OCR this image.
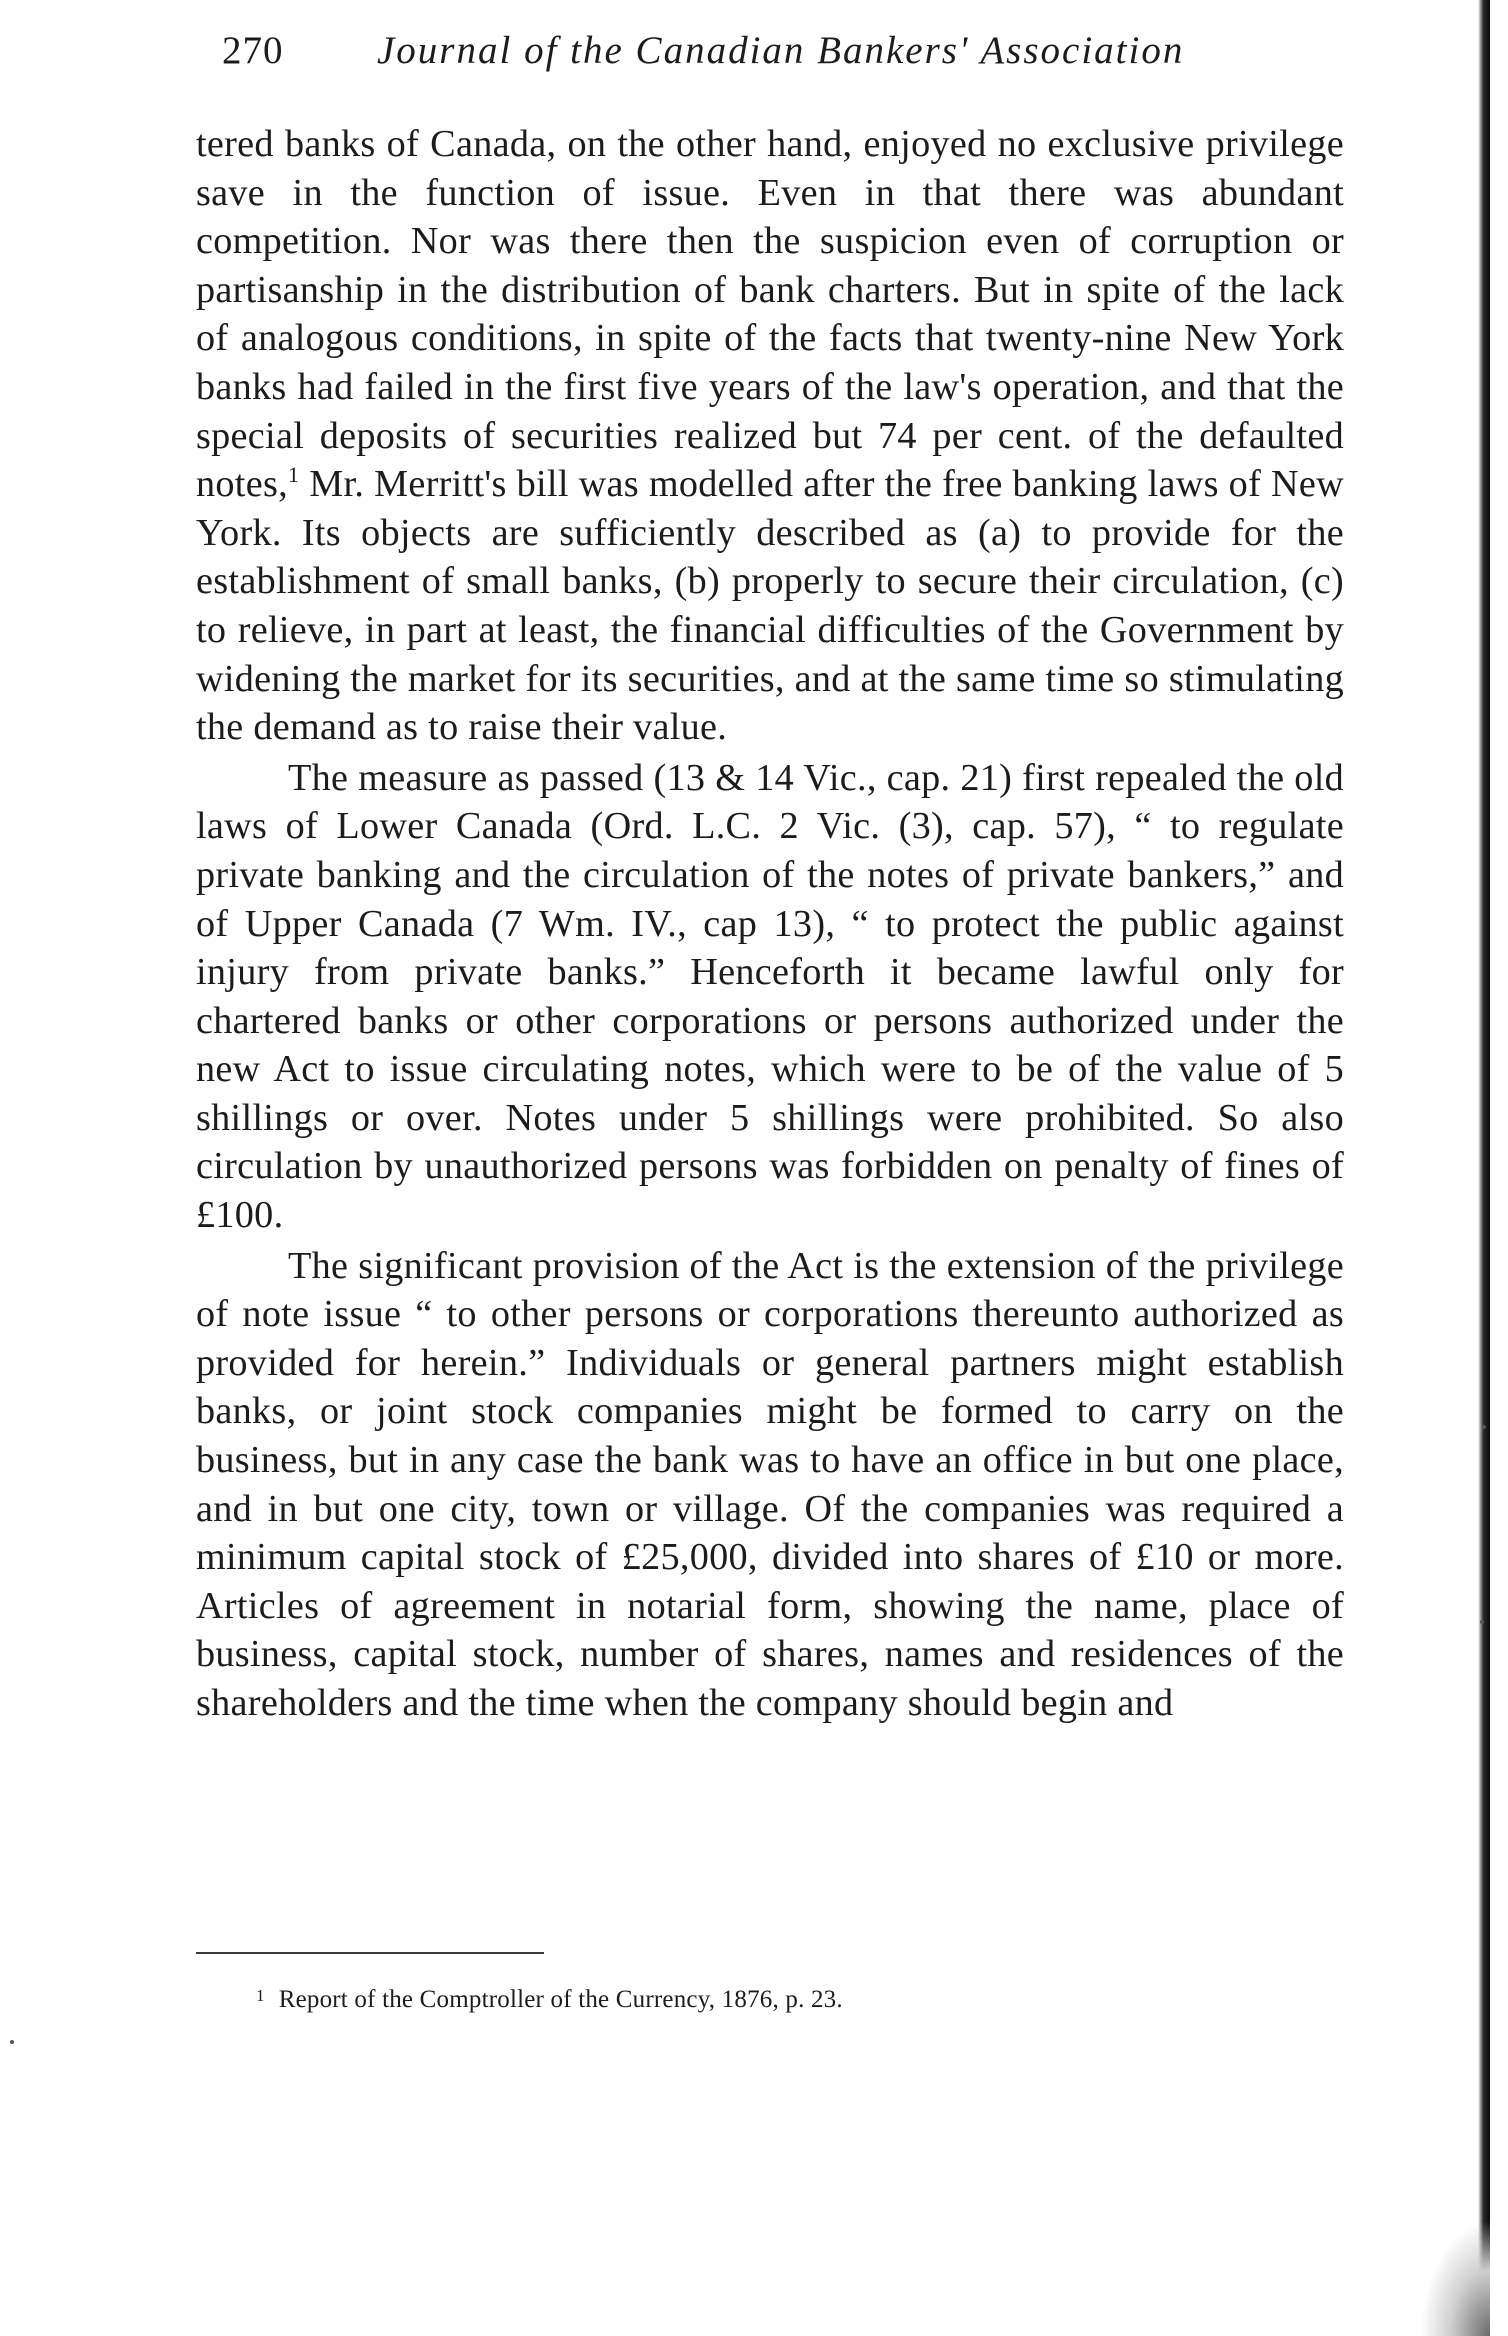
270 Journal of the Canadian Bankers' Association

tered banks of Canada, on the other hand, enjoyed no exclusive privilege save in the function of issue. Even in that there was abundant competition. Nor was there then the suspicion even of corruption or partisanship in the distribution of bank charters. But in spite of the lack of analogous conditions, in spite of the facts that twenty-nine New York banks had failed in the first five years of the law's operation, and that the special deposits of securities realized but 74 per cent. of the defaulted notes,$^1$ Mr. Merritt's bill was modelled after the free banking laws of New York. Its objects are sufficiently described as (a) to provide for the establishment of small banks, (b) properly to secure their circulation, (c) to relieve, in part at least, the financial difficulties of the Government by widening the market for its securities, and at the same time so stimulating the demand as to raise their value.

The measure as passed (13 & 14 Vic., cap. 21) first repealed the old laws of Lower Canada (Ord. L.C. 2 Vic. (3), cap. 57), “ to regulate private banking and the circulation of the notes of private bankers,” and of Upper Canada (7 Wm. IV., cap 13), “ to protect the public against injury from private banks.” Henceforth it became lawful only for chartered banks or other corporations or persons authorized under the new Act to issue circulating notes, which were to be of the value of 5 shillings or over. Notes under 5 shillings were prohibited. So also circulation by unauthorized persons was forbidden on penalty of fines of £100.

The significant provision of the Act is the extension of the privilege of note issue “ to other persons or corporations thereunto authorized as provided for herein.” Individuals or general partners might establish banks, or joint stock companies might be formed to carry on the business, but in any case the bank was to have an office in but one place, and in but one city, town or village. Of the companies was required a minimum capital stock of £25,000, divided into shares of £10 or more. Articles of agreement in notarial form, showing the name, place of business, capital stock, number of shares, names and residences of the shareholders and the time when the company should begin and

$^1$ Report of the Comptroller of the Currency, 1876, p. 23.
